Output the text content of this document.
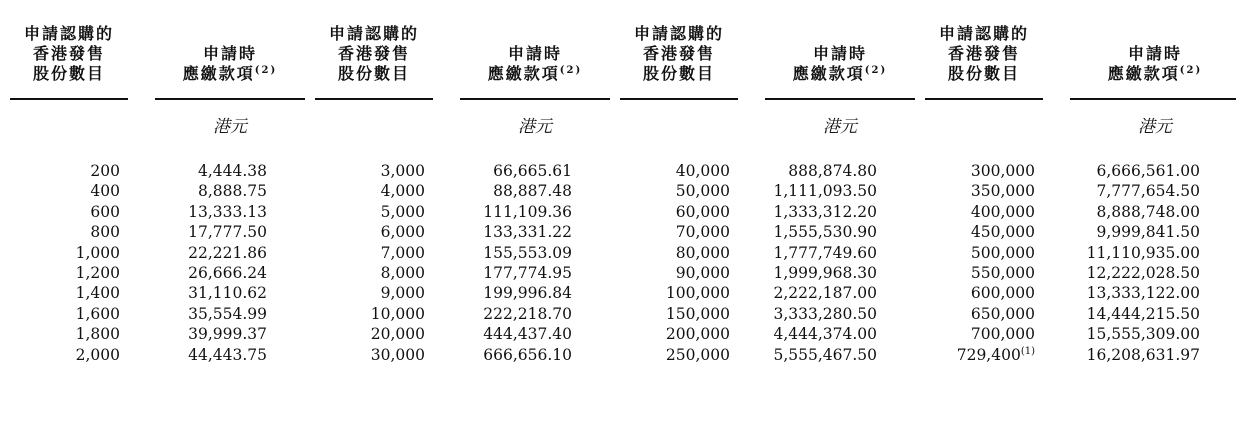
申請認購的
香港發售
股份數目
申請時
應繳款項$^{(2)}$
港元
200	4,444.38
400	8,888.75
600	13,333.13
800	17,777.50
1,000	22,221.86
1,200	26,666.24
1,400	31,110.62
1,600	35,554.99
1,800	39,999.37
2,000	44,443.75
申請認購的
香港發售
股份數目
申請時
應繳款項$^{(2)}$
港元
3,000	66,665.61
4,000	88,887.48
5,000	111,109.36
6,000	133,331.22
7,000	155,553.09
8,000	177,774.95
9,000	199,996.84
10,000	222,218.70
20,000	444,437.40
30,000	666,656.10
申請認購的
香港發售
股份數目
申請時
應繳款項$^{(2)}$
港元
40,000	888,874.80
50,000	1,111,093.50
60,000	1,333,312.20
70,000	1,555,530.90
80,000	1,777,749.60
90,000	1,999,968.30
100,000	2,222,187.00
150,000	3,333,280.50
200,000	4,444,374.00
250,000	5,555,467.50
申請認購的
香港發售
股份數目
申請時
應繳款項$^{(2)}$
港元
300,000	6,666,561.00
350,000	7,777,654.50
400,000	8,888,748.00
450,000	9,999,841.50
500,000	11,110,935.00
550,000	12,222,028.50
600,000	13,333,122.00
650,000	14,444,215.50
700,000	15,555,309.00
729,400$^{(1)}$	16,208,631.97
